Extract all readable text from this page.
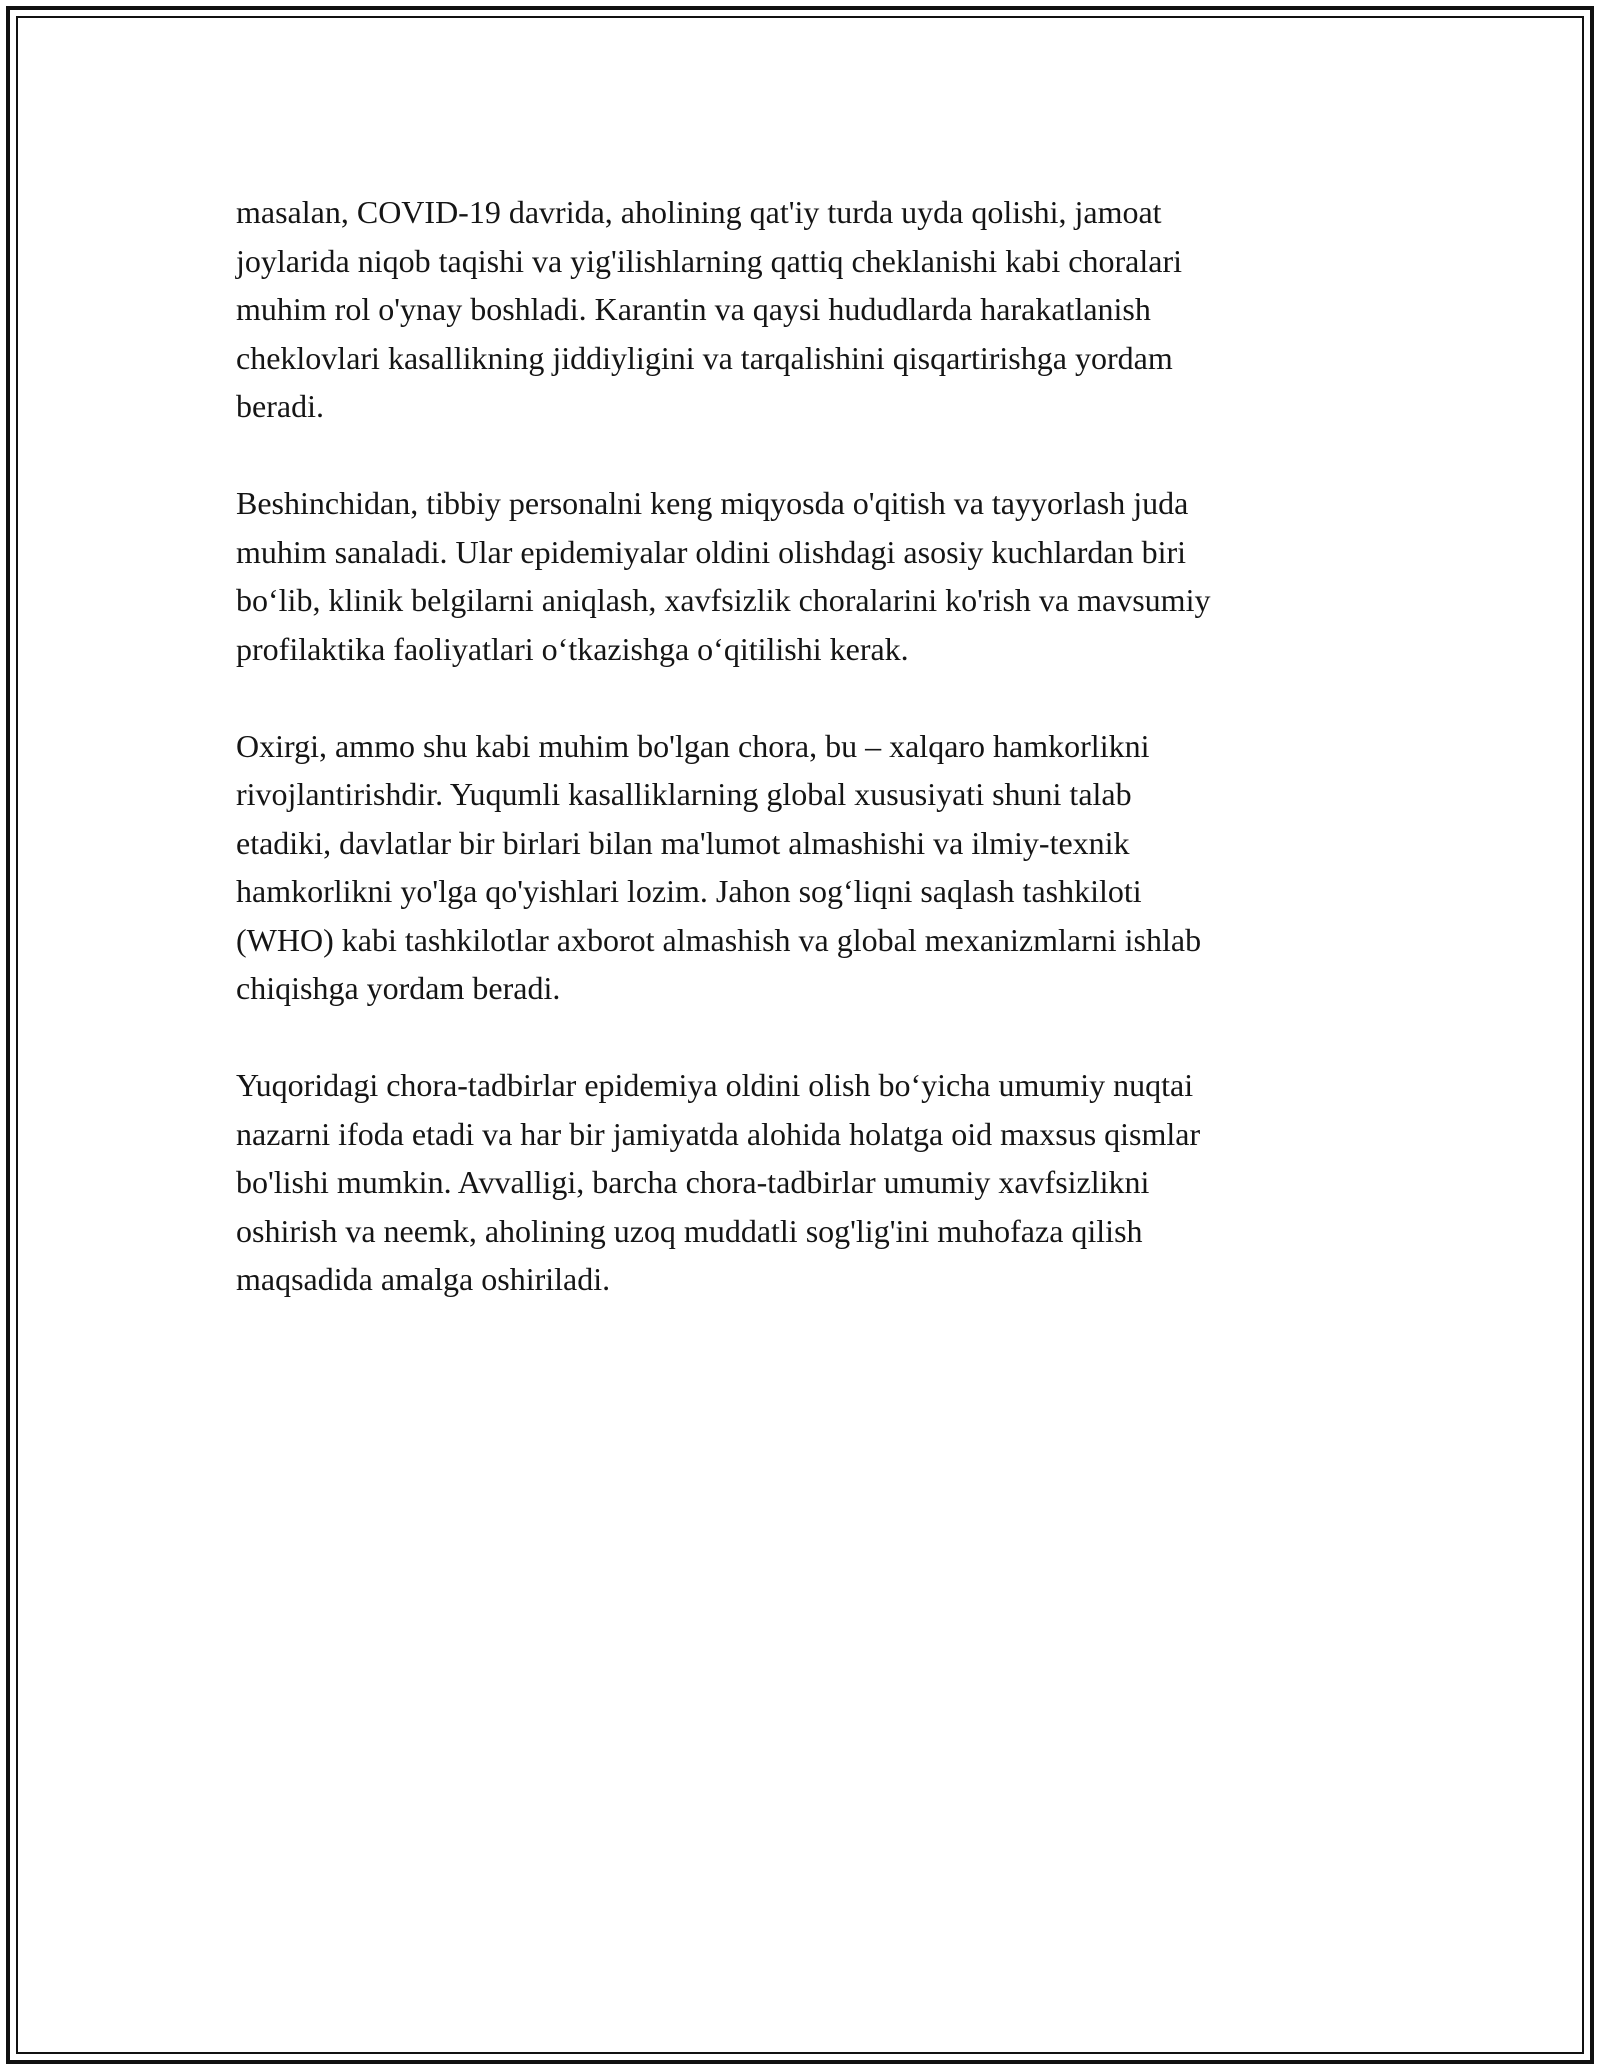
masalan, COVID-19 davrida, aholining qat'iy turda uyda qolishi, jamoat
joylarida niqob taqishi va yig'ilishlarning qattiq cheklanishi kabi choralari
muhim rol o'ynay boshladi. Karantin va qaysi hududlarda harakatlanish
cheklovlari kasallikning jiddiyligini va tarqalishini qisqartirishga yordam
beradi.

Beshinchidan, tibbiy personalni keng miqyosda o'qitish va tayyorlash juda
muhim sanaladi. Ular epidemiyalar oldini olishdagi asosiy kuchlardan biri
bo‘lib, klinik belgilarni aniqlash, xavfsizlik choralarini ko'rish va mavsumiy
profilaktika faoliyatlari o‘tkazishga o‘qitilishi kerak.

Oxirgi, ammo shu kabi muhim bo'lgan chora, bu – xalqaro hamkorlikni
rivojlantirishdir. Yuqumli kasalliklarning global xususiyati shuni talab
etadiki, davlatlar bir birlari bilan ma'lumot almashishi va ilmiy-texnik
hamkorlikni yo'lga qo'yishlari lozim. Jahon sog‘liqni saqlash tashkiloti
(WHO) kabi tashkilotlar axborot almashish va global mexanizmlarni ishlab
chiqishga yordam beradi.

Yuqoridagi chora-tadbirlar epidemiya oldini olish bo‘yicha umumiy nuqtai
nazarni ifoda etadi va har bir jamiyatda alohida holatga oid maxsus qismlar
bo'lishi mumkin. Avvalligi, barcha chora-tadbirlar umumiy xavfsizlikni
oshirish va neemk, aholining uzoq muddatli sog'lig'ini muhofaza qilish
maqsadida amalga oshiriladi.
